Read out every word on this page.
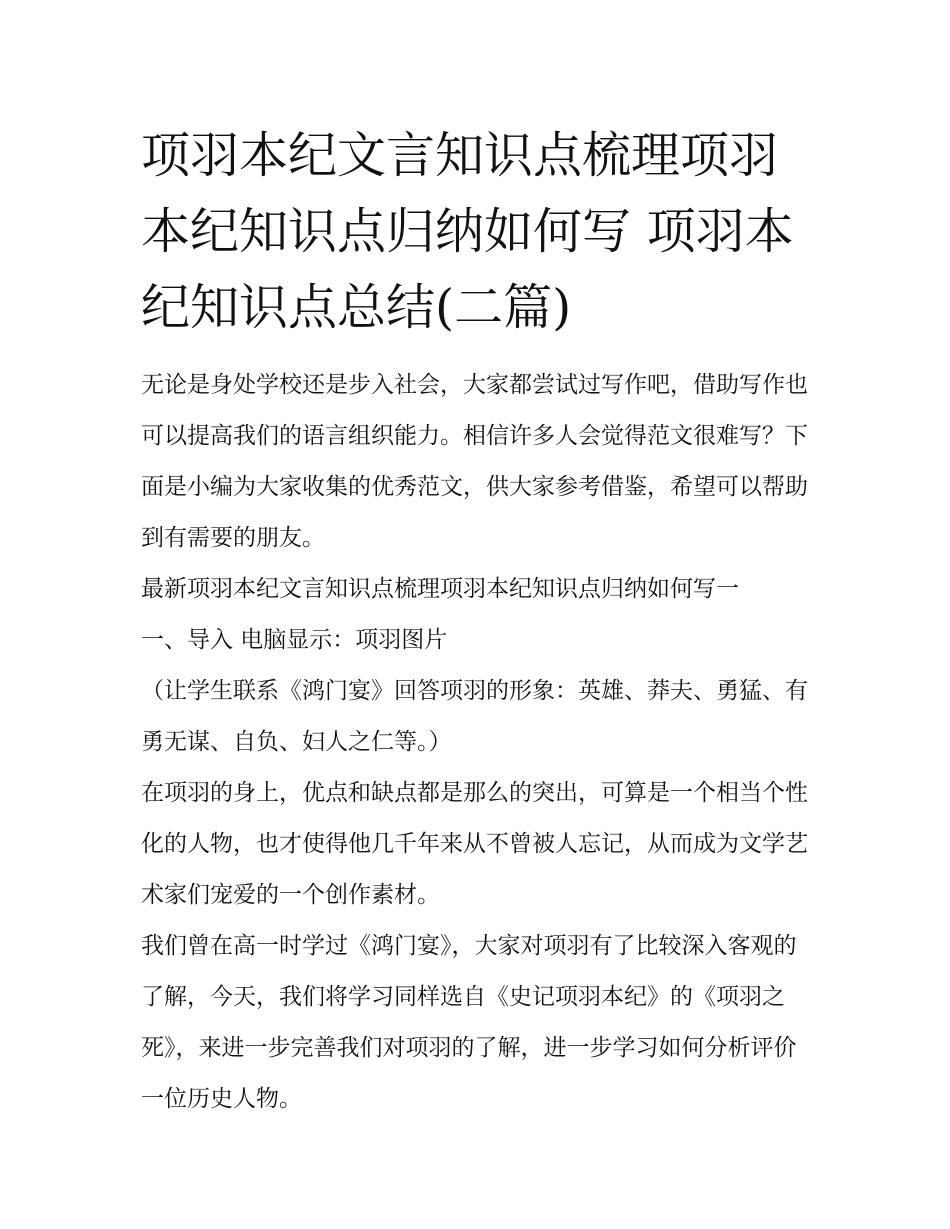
项羽本纪文言知识点梳理项羽本纪知识点归纳如何写 项羽本纪知识点总结(二篇)

无论是身处学校还是步入社会，大家都尝试过写作吧，借助写作也可以提高我们的语言组织能力。相信许多人会觉得范文很难写？下面是小编为大家收集的优秀范文，供大家参考借鉴，希望可以帮助到有需要的朋友。

最新项羽本纪文言知识点梳理项羽本纪知识点归纳如何写一

一、导入 电脑显示：项羽图片

（让学生联系《鸿门宴》回答项羽的形象：英雄、莽夫、勇猛、有勇无谋、自负、妇人之仁等。）

在项羽的身上，优点和缺点都是那么的突出，可算是一个相当个性化的人物，也才使得他几千年来从不曾被人忘记，从而成为文学艺术家们宠爱的一个创作素材。

我们曾在高一时学过《鸿门宴》，大家对项羽有了比较深入客观的了解，今天，我们将学习同样选自《史记项羽本纪》的《项羽之死》，来进一步完善我们对项羽的了解，进一步学习如何分析评价一位历史人物。
